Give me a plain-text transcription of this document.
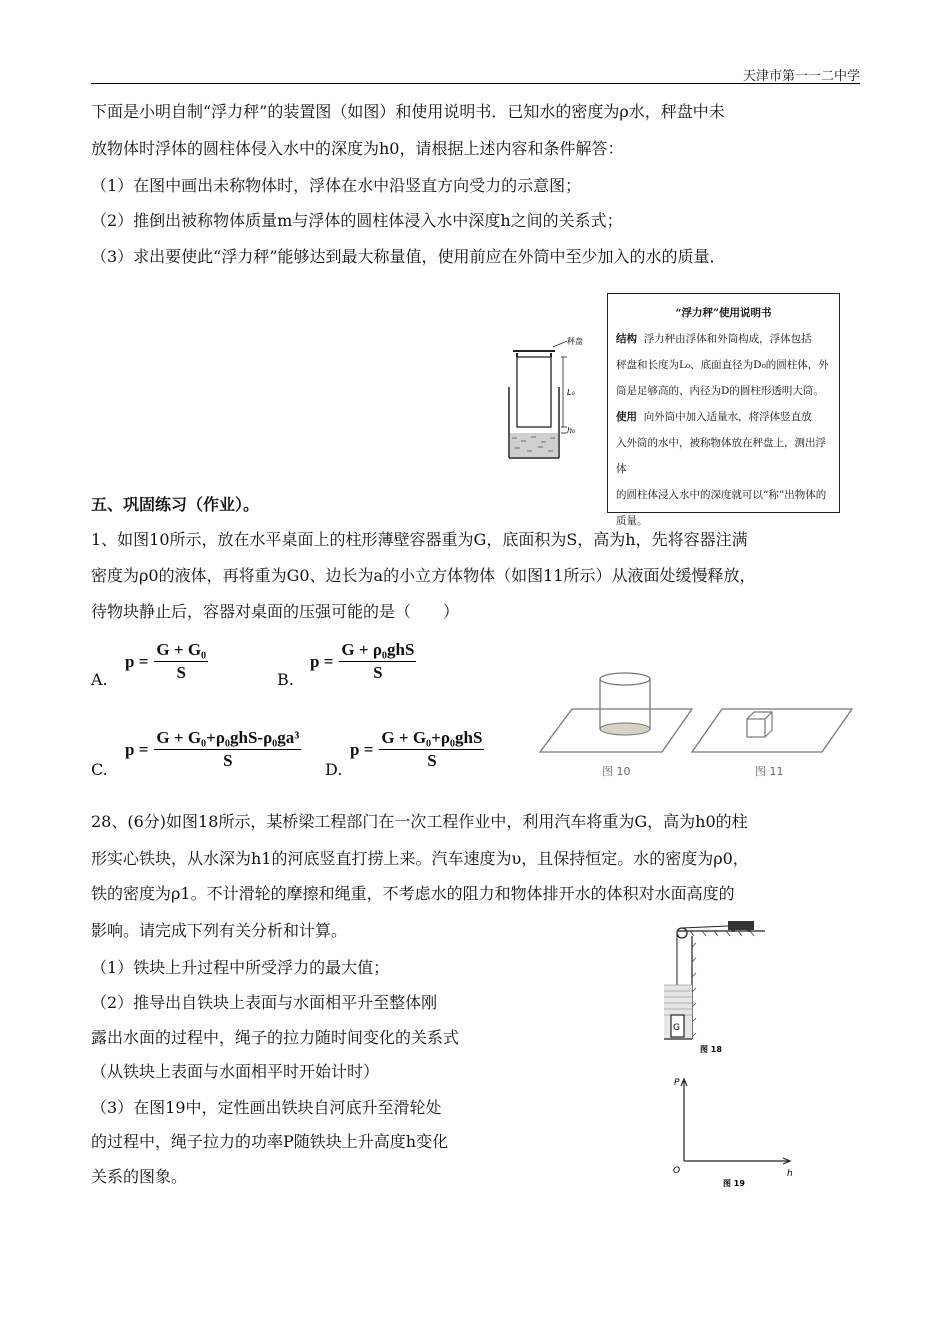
天津市第一一二中学
下面是小明自制“浮力秤”的装置图（如图）和使用说明书．已知水的密度为ρ水，秤盘中未
放物体时浮体的圆柱体侵入水中的深度为h0，请根据上述内容和条件解答：
（1）在图中画出未称物体时，浮体在水中沿竖直方向受力的示意图；
（2）推倒出被称物体质量m与浮体的圆柱体浸入水中深度h之间的关系式；
（3）求出要使此“浮力秤”能够达到最大称量值，使用前应在外筒中至少加入的水的质量．
秤盘
L₀
h₀
“浮力秤”使用说明书

结构 浮力秤由浮体和外筒构成，浮体包括

秤盘和长度为L₀、底面直径为D₀的圆柱体，外

筒是足够高的、内径为D的圆柱形透明大筒。

使用 向外筒中加入适量水，将浮体竖直放

入外筒的水中，被称物体放在秤盘上，测出浮体

的圆柱体浸入水中的深度就可以“称”出物体的

质量。

五、巩固练习（作业）。
1、如图10所示，放在水平桌面上的柱形薄壁容器重为G，底面积为S，高为h，先将容器注满
密度为ρ0的液体，再将重为G0、边长为a的小立方体物体（如图11所示）从液面处缓慢释放，
待物块静止后，容器对桌面的压强可能的是（　　）
A.
$p = \frac{\text{G + G₀}}{S}$	B.
$p = \frac{\text{G + ρ₀ghS}}{S}$
C.
$p = \frac{\text{G + G₀+ρ₀ghS-ρ₀ga³}}{S} D$.
$p = \frac{\text{G + G₀+ρ₀ghS}}{S}$
图 10	图 11
28、(6分)如图18所示，某桥梁工程部门在一次工程作业中，利用汽车将重为G，高为h0的柱
形实心铁块，从水深为h1的河底竖直打捞上来。汽车速度为υ，且保持恒定。水的密度为ρ0，
铁的密度为ρ1。不计滑轮的摩擦和绳重，不考虑水的阻力和物体排开水的体积对水面高度的
影响。请完成下列有关分析和计算。
（1）铁块上升过程中所受浮力的最大值；
（2）推导出自铁块上表面与水面相平升至整体刚
露出水面的过程中，绳子的拉力随时间变化的关系式
（从铁块上表面与水面相平时开始计时）
（3）在图19中，定性画出铁块自河底升至滑轮处
的过程中，绳子拉力的功率P随铁块上升高度h变化
关系的图象。
G
图 18
P
h
O
图 19
